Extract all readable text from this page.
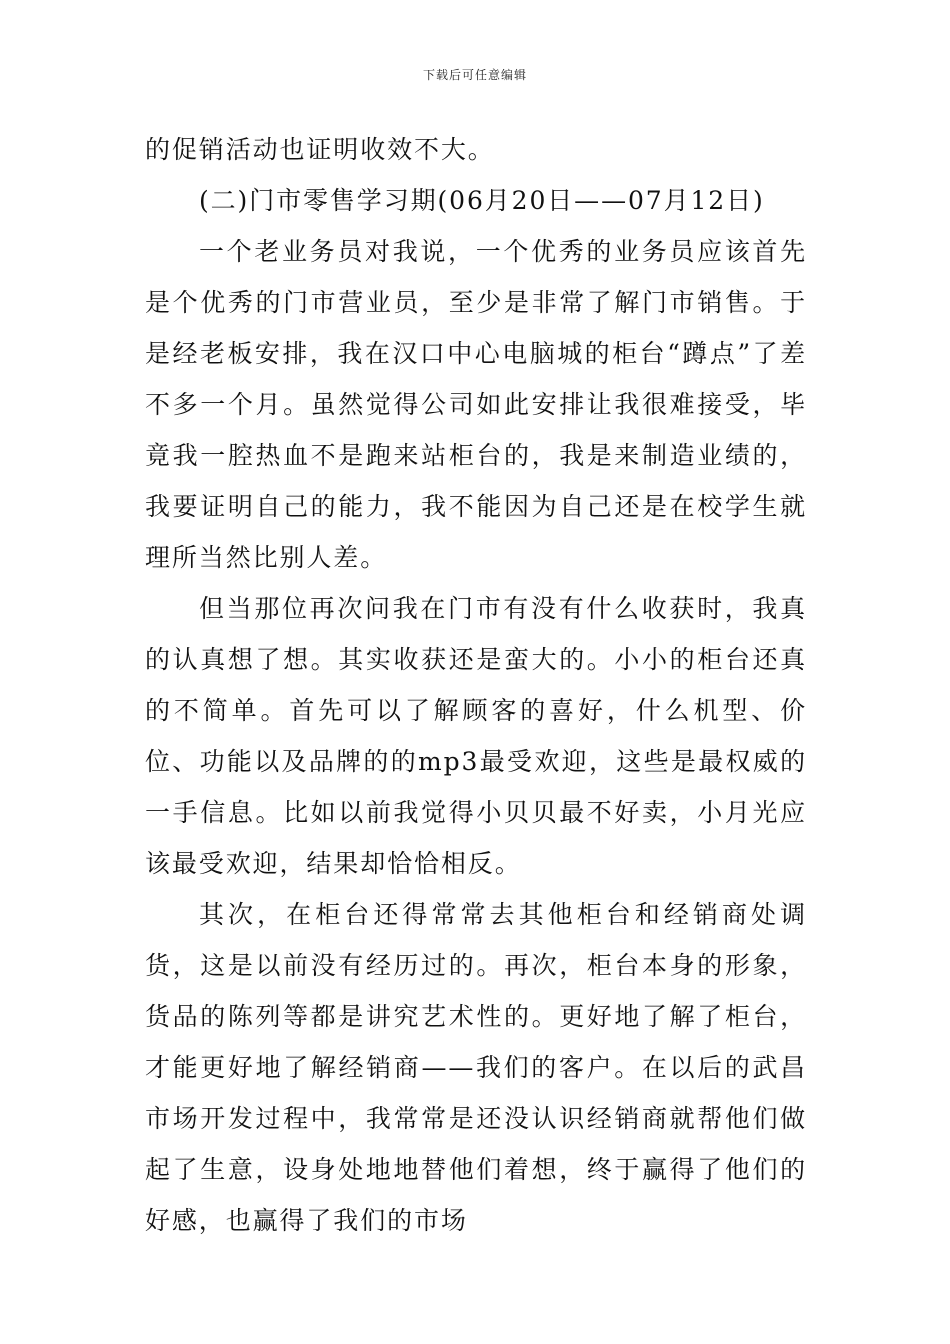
下载后可任意编辑

的促销活动也证明收效不大。

(二)门市零售学习期(06月20日——07月12日)

一个老业务员对我说，一个优秀的业务员应该首先是个优秀的门市营业员，至少是非常了解门市销售。于是经老板安排，我在汉口中心电脑城的柜台“蹲点”了差不多一个月。虽然觉得公司如此安排让我很难接受，毕竟我一腔热血不是跑来站柜台的，我是来制造业绩的，我要证明自己的能力，我不能因为自己还是在校学生就理所当然比别人差。

但当那位再次问我在门市有没有什么收获时，我真的认真想了想。其实收获还是蛮大的。小小的柜台还真的不简单。首先可以了解顾客的喜好，什么机型、价位、功能以及品牌的的mp3最受欢迎，这些是最权威的一手信息。比如以前我觉得小贝贝最不好卖，小月光应该最受欢迎，结果却恰恰相反。

其次，在柜台还得常常去其他柜台和经销商处调货，这是以前没有经历过的。再次，柜台本身的形象，货品的陈列等都是讲究艺术性的。更好地了解了柜台，才能更好地了解经销商——我们的客户。在以后的武昌市场开发过程中，我常常是还没认识经销商就帮他们做起了生意，设身处地地替他们着想，终于赢得了他们的好感，也赢得了我们的市场
